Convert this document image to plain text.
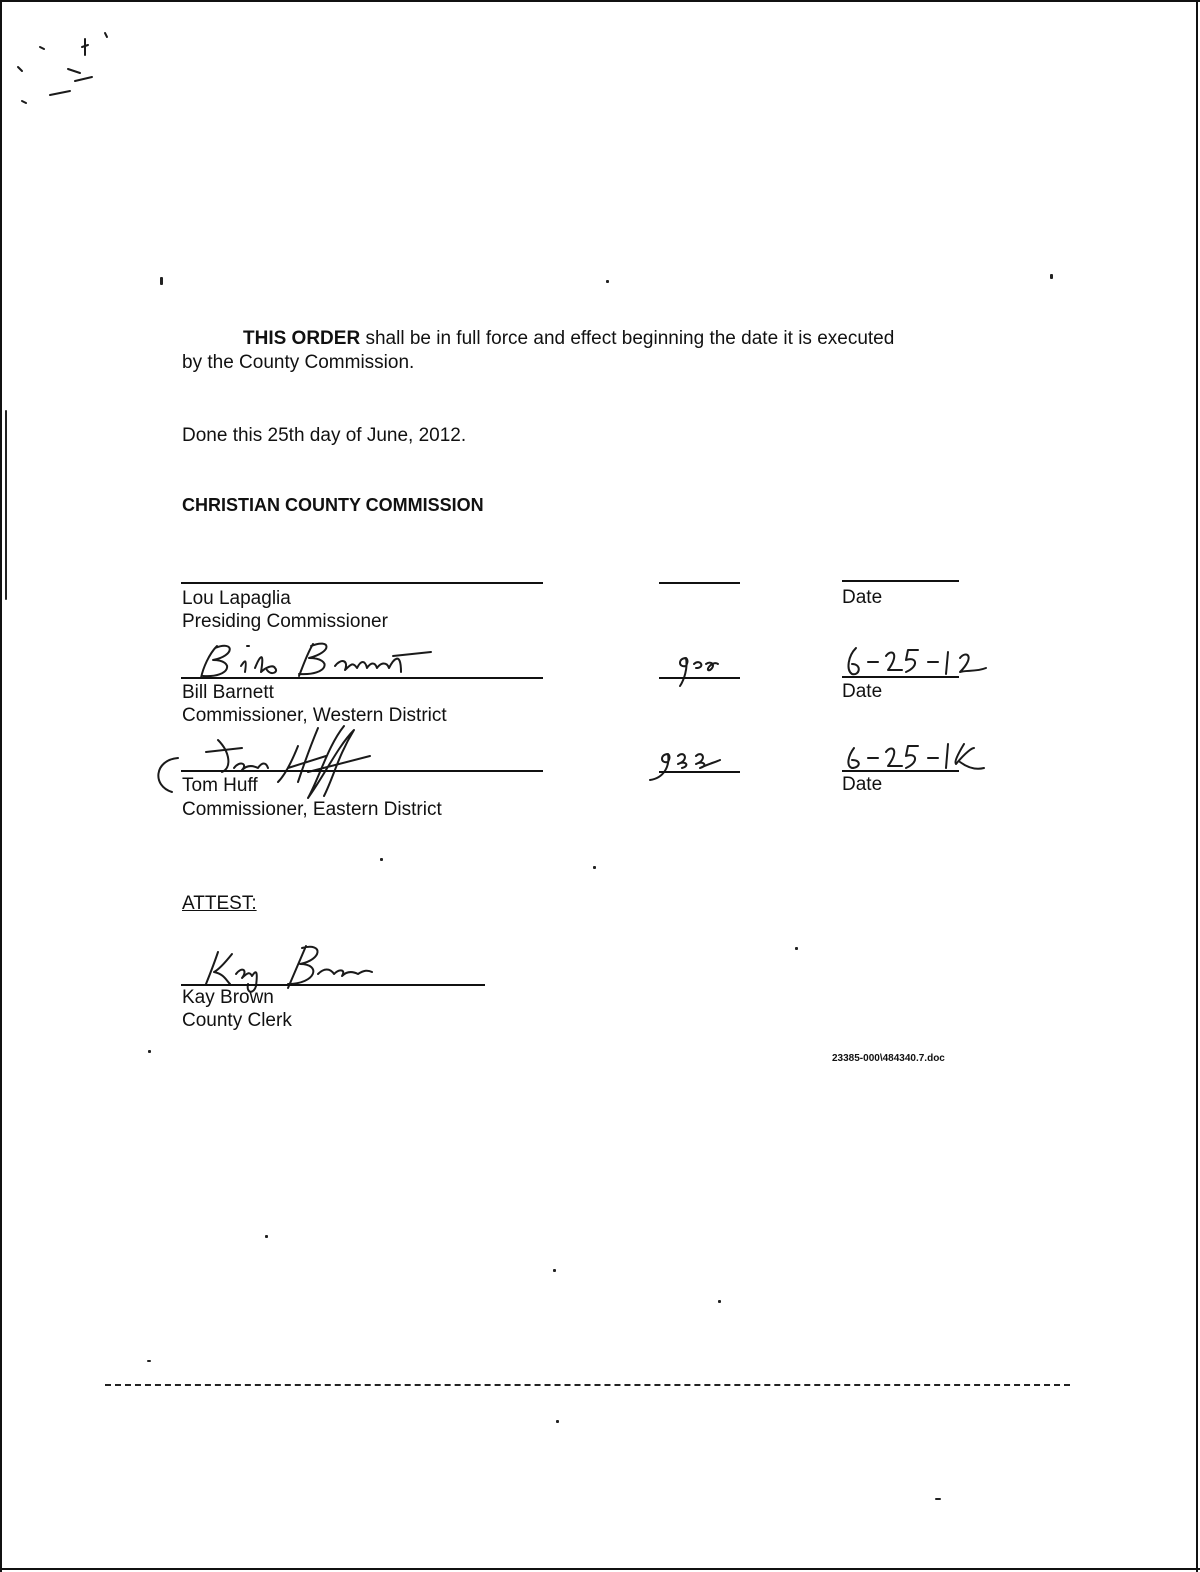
THIS ORDER shall be in full force and effect beginning the date it is executed
by the County Commission.
Done this 25th day of June, 2012.
CHRISTIAN COUNTY COMMISSION
Lou Lapaglia
Presiding Commissioner
Date
Bill Barnett
Commissioner, Western District
Date
Tom Huff
Commissioner, Eastern District
Date
ATTEST:
Kay Brown
County Clerk
23385-000\484340.7.doc
